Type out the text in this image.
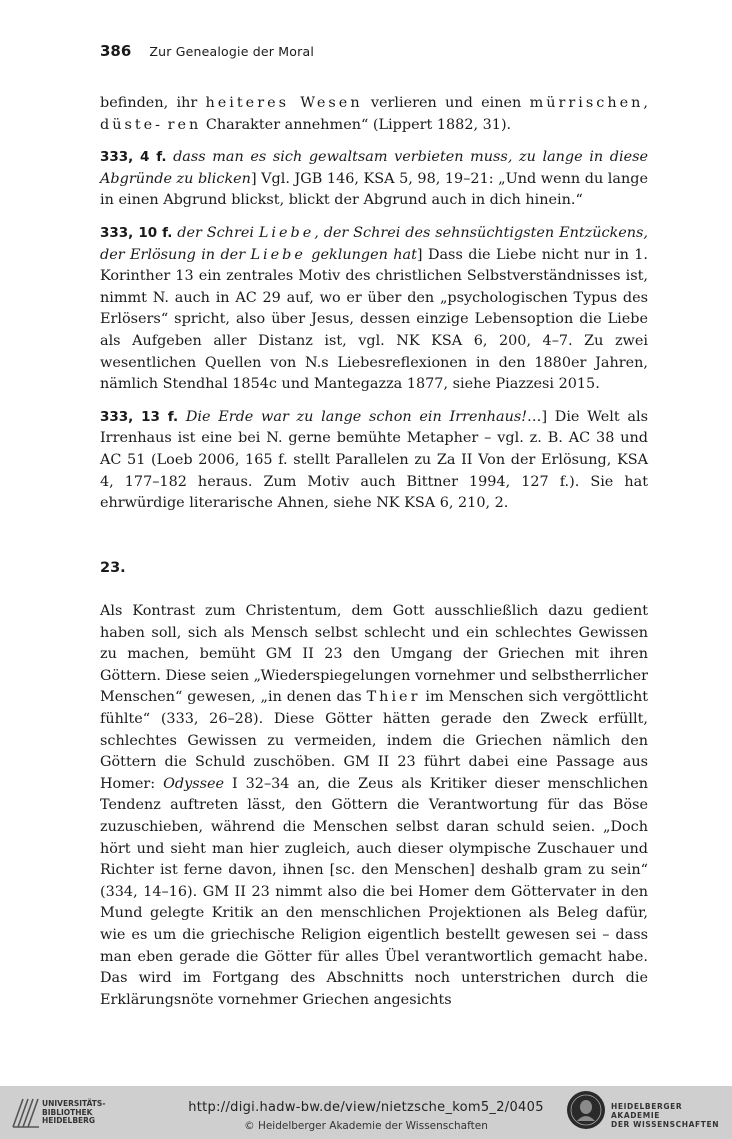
386 Zur Genealogie der Moral

befinden, ihr heiteres Wesen verlieren und einen mürrischen, düste- ren Charakter annehmen“ (Lippert 1882, 31).

333, 4 f. dass man es sich gewaltsam verbieten muss, zu lange in diese Abgründe zu blicken] Vgl. JGB 146, KSA 5, 98, 19–21: „Und wenn du lange in einen Abgrund blickst, blickt der Abgrund auch in dich hinein.“

333, 10 f. der Schrei Liebe, der Schrei des sehnsüchtigsten Entzückens, der Erlösung in der Liebe geklungen hat] Dass die Liebe nicht nur in 1. Korinther 13 ein zentrales Motiv des christlichen Selbstverständnisses ist, nimmt N. auch in AC 29 auf, wo er über den „psychologischen Typus des Erlösers“ spricht, also über Jesus, dessen einzige Lebensoption die Liebe als Aufgeben aller Distanz ist, vgl. NK KSA 6, 200, 4–7. Zu zwei wesentlichen Quellen von N.s Liebesreflexionen in den 1880er Jahren, nämlich Stendhal 1854c und Mantegazza 1877, siehe Piazzesi 2015.

333, 13 f. Die Erde war zu lange schon ein Irrenhaus!…] Die Welt als Irrenhaus ist eine bei N. gerne bemühte Metapher – vgl. z. B. AC 38 und AC 51 (Loeb 2006, 165 f. stellt Parallelen zu Za II Von der Erlösung, KSA 4, 177–182 heraus. Zum Motiv auch Bittner 1994, 127 f.). Sie hat ehrwürdige literarische Ahnen, siehe NK KSA 6, 210, 2.

23.

Als Kontrast zum Christentum, dem Gott ausschließlich dazu gedient haben soll, sich als Mensch selbst schlecht und ein schlechtes Gewissen zu machen, bemüht GM II 23 den Umgang der Griechen mit ihren Göttern. Diese seien „Wiederspiegelungen vornehmer und selbstherrlicher Menschen“ gewesen, „in denen das Thier im Menschen sich vergöttlicht fühlte“ (333, 26–28). Diese Götter hätten gerade den Zweck erfüllt, schlechtes Gewissen zu vermeiden, indem die Griechen nämlich den Göttern die Schuld zuschöben. GM II 23 führt dabei eine Passage aus Homer: Odyssee I 32–34 an, die Zeus als Kritiker dieser menschlichen Tendenz auftreten lässt, den Göttern die Verantwortung für das Böse zuzuschieben, während die Menschen selbst daran schuld seien. „Doch hört und sieht man hier zugleich, auch dieser olympische Zuschauer und Richter ist ferne davon, ihnen [sc. den Menschen] deshalb gram zu sein“ (334, 14–16). GM II 23 nimmt also die bei Homer dem Göttervater in den Mund gelegte Kritik an den menschlichen Projektionen als Beleg dafür, wie es um die griechische Religion eigentlich bestellt gewesen sei – dass man eben gerade die Götter für alles Übel verantwortlich gemacht habe. Das wird im Fortgang des Abschnitts noch unterstrichen durch die Erklärungsnöte vornehmer Griechen angesichts

UNIVERSITÄTS-
BIBLIOTHEK
HEIDELBERG
http://digi.hadw-bw.de/view/nietzsche_kom5_2/0405
© Heidelberger Akademie der Wissenschaften
HEIDELBERGER AKADEMIE
DER WISSENSCHAFTEN
